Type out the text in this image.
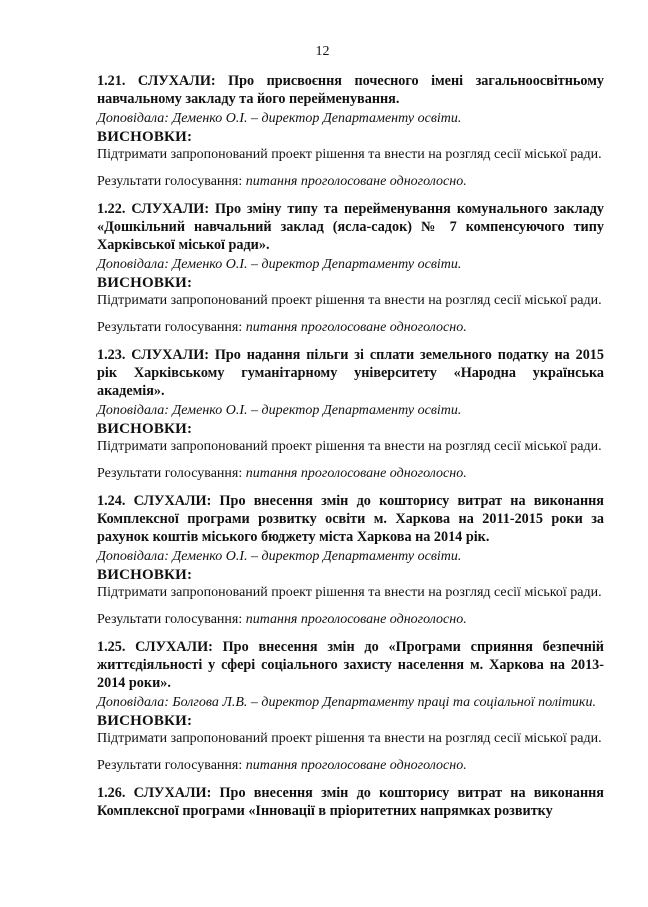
12

1.21. СЛУХАЛИ: Про присвоєння почесного імені загальноосвітньому навчальному закладу та його перейменування.

Доповідала: Деменко О.І. – директор Департаменту освіти.

ВИСНОВКИ:

Підтримати запропонований проект рішення та внести на розгляд сесії міської ради.

Результати голосування: питання проголосоване одноголосно.

1.22. СЛУХАЛИ: Про зміну типу та перейменування комунального закладу «Дошкільний навчальний заклад (ясла-садок) № 7 компенсуючого типу Харківської міської ради».

Доповідала: Деменко О.І. – директор Департаменту освіти.

ВИСНОВКИ:

Підтримати запропонований проект рішення та внести на розгляд сесії міської ради.

Результати голосування: питання проголосоване одноголосно.

1.23. СЛУХАЛИ: Про надання пільги зі сплати земельного податку на 2015 рік Харківському гуманітарному університету «Народна українська академія».

Доповідала: Деменко О.І. – директор Департаменту освіти.

ВИСНОВКИ:

Підтримати запропонований проект рішення та внести на розгляд сесії міської ради.

Результати голосування: питання проголосоване одноголосно.

1.24. СЛУХАЛИ: Про внесення змін до кошторису витрат на виконання Комплексної програми розвитку освіти м. Харкова на 2011-2015 роки за рахунок коштів міського бюджету міста Харкова на 2014 рік.

Доповідала: Деменко О.І. – директор Департаменту освіти.

ВИСНОВКИ:

Підтримати запропонований проект рішення та внести на розгляд сесії міської ради.

Результати голосування: питання проголосоване одноголосно.

1.25. СЛУХАЛИ: Про внесення змін до «Програми сприяння безпечній життєдіяльності у сфері соціального захисту населення м. Харкова на 2013-2014 роки».

Доповідала: Болгова Л.В. – директор Департаменту праці та соціальної політики.

ВИСНОВКИ:

Підтримати запропонований проект рішення та внести на розгляд сесії міської ради.

Результати голосування: питання проголосоване одноголосно.

1.26. СЛУХАЛИ: Про внесення змін до кошторису витрат на виконання Комплексної програми «Інновації в пріоритетних напрямках розвитку
